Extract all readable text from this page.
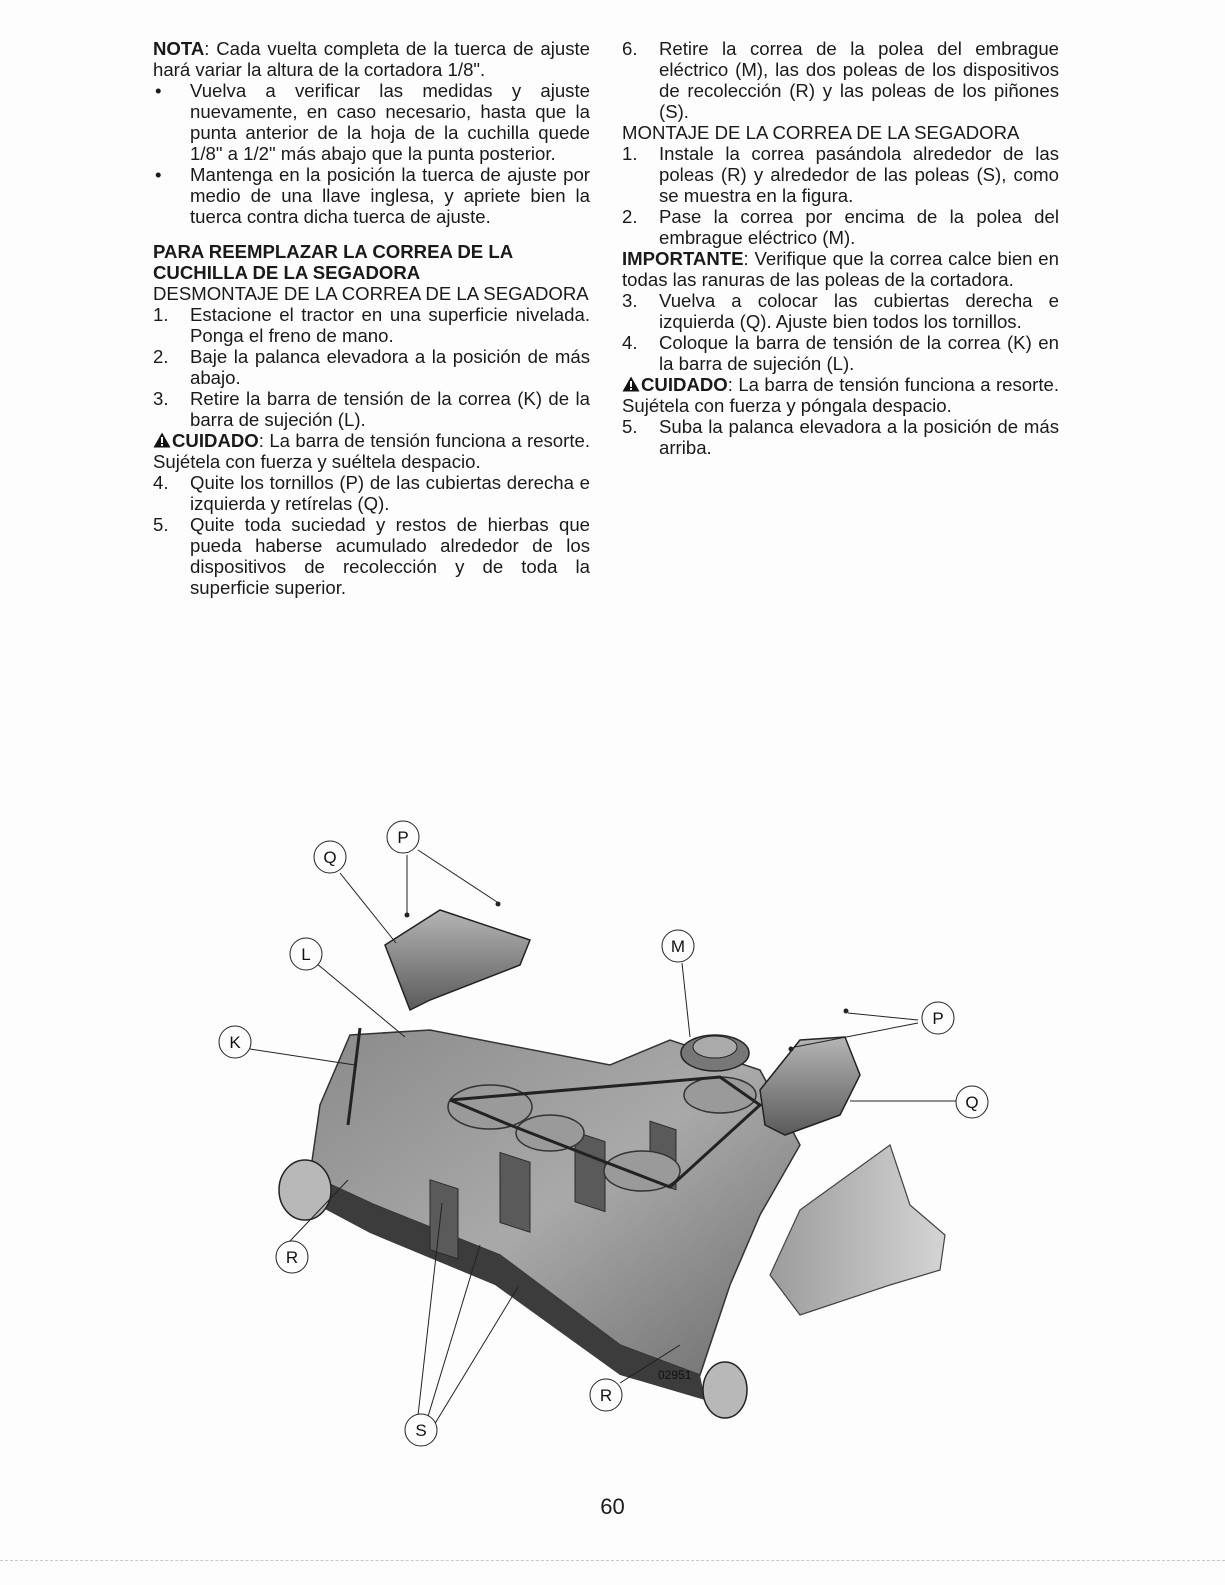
NOTA: Cada vuelta completa de la tuerca de ajuste hará variar la altura de la cortadora 1/8".

• Vuelva a verificar las medidas y ajuste nuevamente, en caso necesario, hasta que la punta anterior de la hoja de la cuchilla quede 1/8" a 1/2" más abajo que la punta posterior.
• Mantenga en la posición la tuerca de ajuste por medio de una llave inglesa, y apriete bien la tuerca contra dicha tuerca de ajuste.
PARA REEMPLAZAR LA CORREA DE LA CUCHILLA DE LA SEGADORA
DESMONTAJE DE LA CORREA DE LA SEGADORA
1. Estacione el tractor en una superficie nivelada. Ponga el freno de mano.
2. Baje la palanca elevadora a la posición de más abajo.
3. Retire la barra de tensión de la correa (K) de la barra de sujeción (L).

CUIDADO: La barra de tensión funciona a resorte. Sujétela con fuerza y suéltela despacio.

4. Quite los tornillos (P) de las cubiertas derecha e izquierda y retírelas (Q).
5. Quite toda suciedad y restos de hierbas que pueda haberse acumulado alrededor de los dispositivos de recolección y de toda la superficie superior.
6. Retire la correa de la polea del embrague eléctrico (M), las dos poleas de los dispositivos de recolección (R) y las poleas de los piñones (S).
MONTAJE DE LA CORREA DE LA SEGADORA
1. Instale la correa pasándola alrededor de las poleas (R) y alrededor de las poleas (S), como se muestra en la figura.
2. Pase la correa por encima de la polea del embrague eléctrico (M).

IMPORTANTE: Verifique que la correa calce bien en todas las ranuras de las poleas de la cortadora.

3. Vuelva a colocar las cubiertas derecha e izquierda (Q). Ajuste bien todos los tornillos.
4. Coloque la barra de tensión de la correa (K) en la barra de sujeción (L).

CUIDADO: La barra de tensión funciona a resorte. Sujétela con fuerza y póngala despacio.

5. Suba la palanca elevadora a la posición de más arriba.
P
Q
L
K
M
P
Q
R
S
R
02951
60
